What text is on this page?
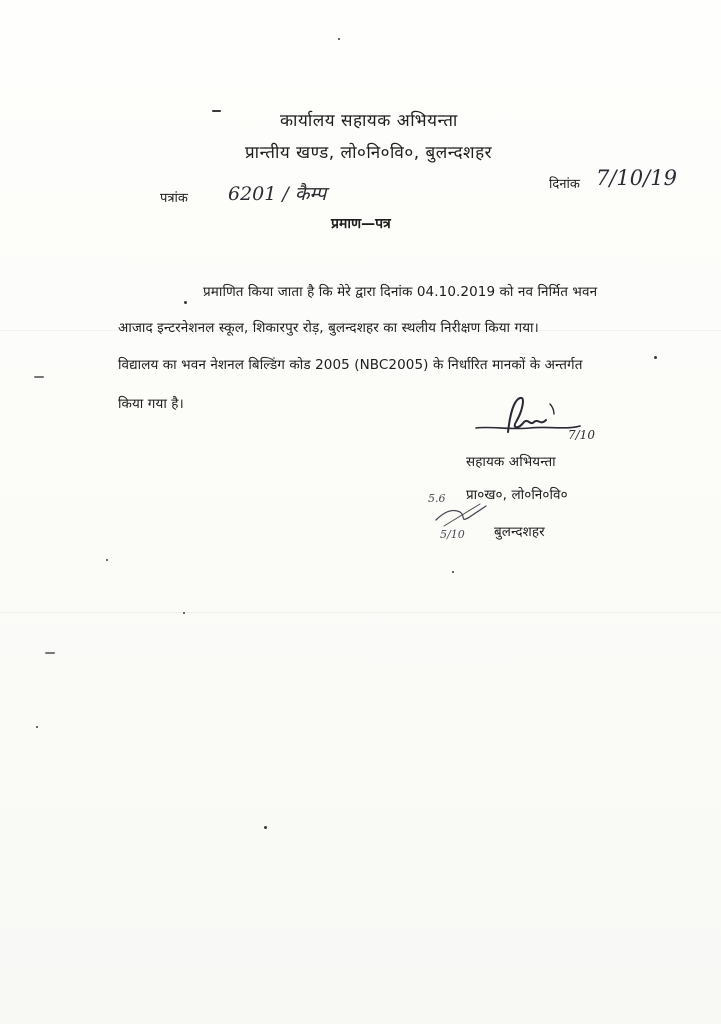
कार्यालय सहायक अभियन्ता
प्रान्तीय खण्ड, लो०नि०वि०, बुलन्दशहर
पत्रांक 6201 / कैम्प	दिनांक 7/10/19
प्रमाण—पत्र
प्रमाणित किया जाता है कि मेरे द्वारा दिनांक 04.10.2019 को नव निर्मित भवन
आजाद इन्टरनेशनल स्कूल, शिकारपुर रोड़, बुलन्दशहर का स्थलीय निरीक्षण किया गया।
विद्यालय का भवन नेशनल बिल्डिंग कोड 2005 (NBC2005) के निर्धारित मानकों के अन्तर्गत
किया गया है।
7/10
सहायक अभियन्ता
प्रा०ख०, लो०नि०वि०
बुलन्दशहर
5.6
5/10
